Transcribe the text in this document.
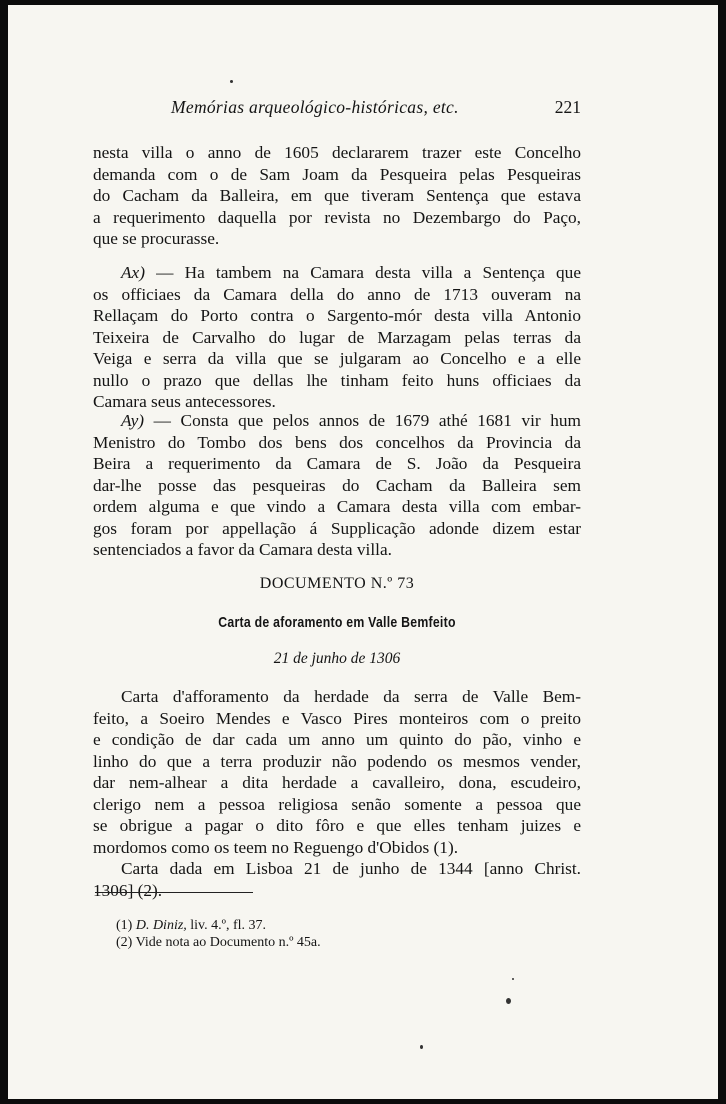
Memórias arqueológico-históricas, etc.	221
nesta villa o anno de 1605 declararem trazer este Concelho
demanda com o de Sam Joam da Pesqueira pelas Pesqueiras
do Cacham da Balleira, em que tiveram Sentença que estava
a requerimento daquella por revista no Dezembargo do Paço,
que se procurasse.
Ax) — Ha tambem na Camara desta villa a Sentença que
os officiaes da Camara della do anno de 1713 ouveram na
Rellaçam do Porto contra o Sargento-mór desta villa Antonio
Teixeira de Carvalho do lugar de Marzagam pelas terras da
Veiga e serra da villa que se julgaram ao Concelho e a elle
nullo o prazo que dellas lhe tinham feito huns officiaes da
Camara seus antecessores.
Ay) — Consta que pelos annos de 1679 athé 1681 vir hum
Menistro do Tombo dos bens dos concelhos da Provincia da
Beira a requerimento da Camara de S. João da Pesqueira
dar-lhe posse das pesqueiras do Cacham da Balleira sem
ordem alguma e que vindo a Camara desta villa com embar-
gos foram por appellação á Supplicação adonde dizem estar
sentenciados a favor da Camara desta villa.
DOCUMENTO N.º 73
Carta de aforamento em Valle Bemfeito
21 de junho de 1306
Carta d'afforamento da herdade da serra de Valle Bem-
feito, a Soeiro Mendes e Vasco Pires monteiros com o preito
e condição de dar cada um anno um quinto do pão, vinho e
linho do que a terra produzir não podendo os mesmos vender,
dar nem-alhear a dita herdade a cavalleiro, dona, escudeiro,
clerigo nem a pessoa religiosa senão somente a pessoa que
se obrigue a pagar o dito fôro e que elles tenham juizes e
mordomos como os teem no Reguengo d'Obidos (1).
Carta dada em Lisboa 21 de junho de 1344 [anno Christ.
1306] (2).
(1) D. Diniz, liv. 4.º, fl. 37.
(2) Vide nota ao Documento n.º 45a.
